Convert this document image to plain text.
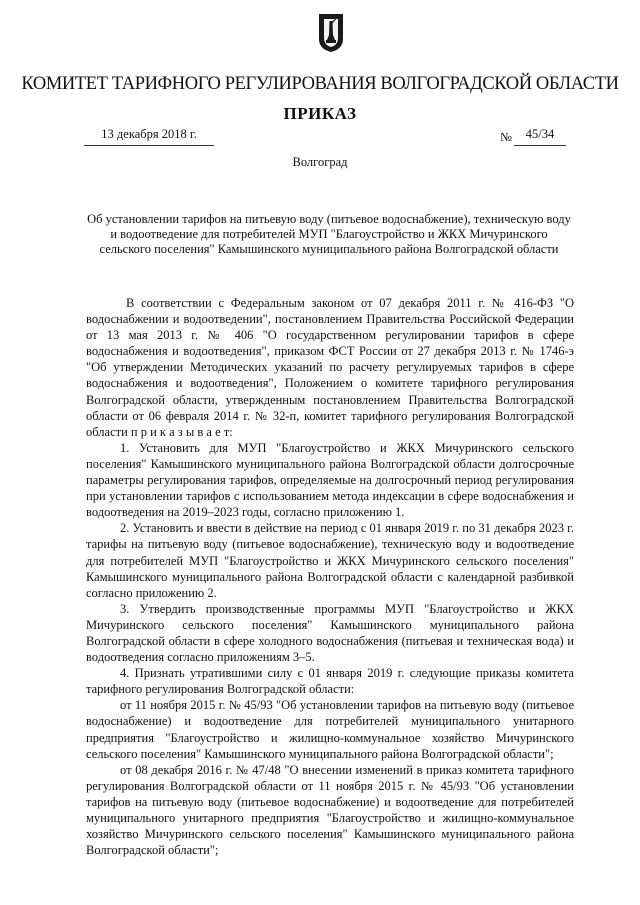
КОМИТЕТ ТАРИФНОГО РЕГУЛИРОВАНИЯ ВОЛГОГРАДСКОЙ ОБЛАСТИ
ПРИКАЗ
13 декабря 2018 г.	№	45/34
Волгоград
Об установлении тарифов на питьевую воду (питьевое водоснабжение), техническую воду и водоотведение для потребителей МУП "Благоустройство и ЖКХ Мичуринского сельского поселения" Камышинского муниципального района Волгоградской области

В соответствии с Федеральным законом от 07 декабря 2011 г. № 416-ФЗ "О водоснабжении и водоотведении", постановлением Правительства Российской Федерации от 13 мая 2013 г. № 406 "О государственном регулировании тарифов в сфере водоснабжения и водоотведения", приказом ФСТ России от 27 декабря 2013 г. № 1746-э "Об утверждении Методических указаний по расчету регулируемых тарифов в сфере водоснабжения и водоотведения", Положением о комитете тарифного регулирования Волгоградской области, утвержденным постановлением Правительства Волгоградской области от 06 февраля 2014 г. № 32-п, комитет тарифного регулирования Волгоградской области п р и к а з ы в а е т:

1. Установить для МУП "Благоустройство и ЖКХ Мичуринского сельского поселения" Камышинского муниципального района Волгоградской области долгосрочные параметры регулирования тарифов, определяемые на долгосрочный период регулирования при установлении тарифов с использованием метода индексации в сфере водоснабжения и водоотведения на 2019–2023 годы, согласно приложению 1.

2. Установить и ввести в действие на период с 01 января 2019 г. по 31 декабря 2023 г. тарифы на питьевую воду (питьевое водоснабжение), техническую воду и водоотведение для потребителей МУП "Благоустройство и ЖКХ Мичуринского сельского поселения" Камышинского муниципального района Волгоградской области с календарной разбивкой согласно приложению 2.

3. Утвердить производственные программы МУП "Благоустройство и ЖКХ Мичуринского сельского поселения" Камышинского муниципального района Волгоградской области в сфере холодного водоснабжения (питьевая и техническая вода) и водоотведения согласно приложениям 3–5.

4. Признать утратившими силу с 01 января 2019 г. следующие приказы комитета тарифного регулирования Волгоградской области:

от 11 ноября 2015 г. № 45/93 "Об установлении тарифов на питьевую воду (питьевое водоснабжение) и водоотведение для потребителей муниципального унитарного предприятия "Благоустройство и жилищно-коммунальное хозяйство Мичуринского сельского поселения" Камышинского муниципального района Волгоградской области";

от 08 декабря 2016 г. № 47/48 "О внесении изменений в приказ комитета тарифного регулирования Волгоградской области от 11 ноября 2015 г. № 45/93 "Об установлении тарифов на питьевую воду (питьевое водоснабжение) и водоотведение для потребителей муниципального унитарного предприятия "Благоустройство и жилищно-коммунальное хозяйство Мичуринского сельского поселения" Камышинского муниципального района Волгоградской области";
